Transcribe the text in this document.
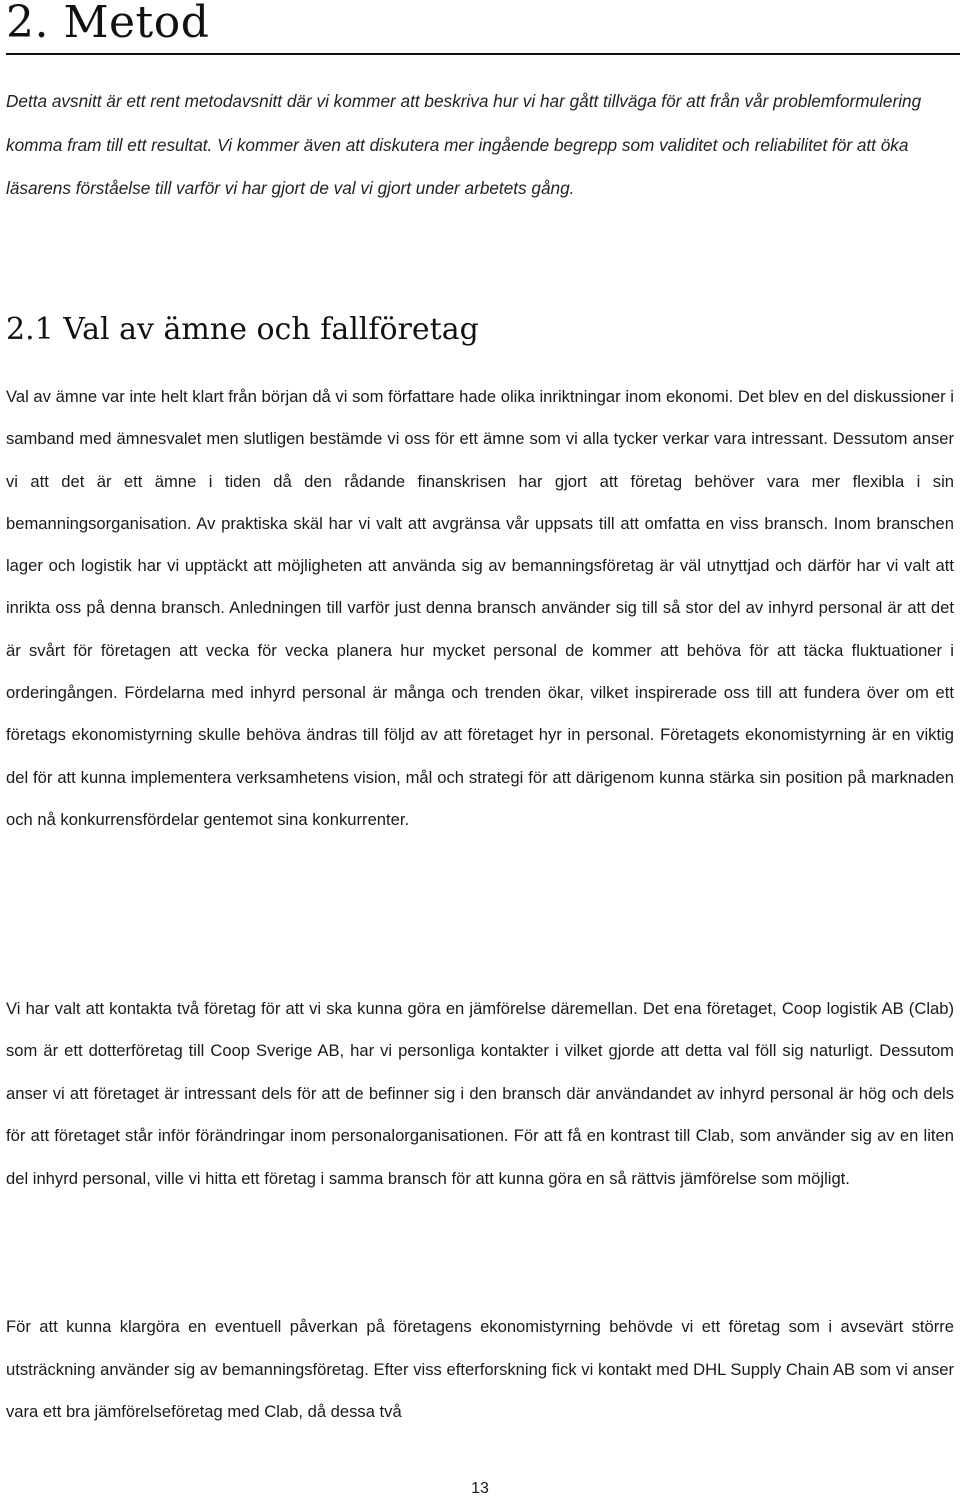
2. Metod

Detta avsnitt är ett rent metodavsnitt där vi kommer att beskriva hur vi har gått tillväga för att från vår problemformulering komma fram till ett resultat. Vi kommer även att diskutera mer ingående begrepp som validitet och reliabilitet för att öka läsarens förståelse till varför vi har gjort de val vi gjort under arbetets gång.

2.1 Val av ämne och fallföretag

Val av ämne var inte helt klart från början då vi som författare hade olika inriktningar inom ekonomi. Det blev en del diskussioner i samband med ämnesvalet men slutligen bestämde vi oss för ett ämne som vi alla tycker verkar vara intressant. Dessutom anser vi att det är ett ämne i tiden då den rådande finanskrisen har gjort att företag behöver vara mer flexibla i sin bemanningsorganisation. Av praktiska skäl har vi valt att avgränsa vår uppsats till att omfatta en viss bransch. Inom branschen lager och logistik har vi upptäckt att möjligheten att använda sig av bemanningsföretag är väl utnyttjad och därför har vi valt att inrikta oss på denna bransch. Anledningen till varför just denna bransch använder sig till så stor del av inhyrd personal är att det är svårt för företagen att vecka för vecka planera hur mycket personal de kommer att behöva för att täcka fluktuationer i orderingången. Fördelarna med inhyrd personal är många och trenden ökar, vilket inspirerade oss till att fundera över om ett företags ekonomistyrning skulle behöva ändras till följd av att företaget hyr in personal. Företagets ekonomistyrning är en viktig del för att kunna implementera verksamhetens vision, mål och strategi för att därigenom kunna stärka sin position på marknaden och nå konkurrensfördelar gentemot sina konkurrenter.

Vi har valt att kontakta två företag för att vi ska kunna göra en jämförelse däremellan. Det ena företaget, Coop logistik AB (Clab) som är ett dotterföretag till Coop Sverige AB, har vi personliga kontakter i vilket gjorde att detta val föll sig naturligt. Dessutom anser vi att företaget är intressant dels för att de befinner sig i den bransch där användandet av inhyrd personal är hög och dels för att företaget står inför förändringar inom personalorganisationen. För att få en kontrast till Clab, som använder sig av en liten del inhyrd personal, ville vi hitta ett företag i samma bransch för att kunna göra en så rättvis jämförelse som möjligt.

För att kunna klargöra en eventuell påverkan på företagens ekonomistyrning behövde vi ett företag som i avsevärt större utsträckning använder sig av bemanningsföretag. Efter viss efterforskning fick vi kontakt med DHL Supply Chain AB som vi anser vara ett bra jämförelseföretag med Clab, då dessa två

13
